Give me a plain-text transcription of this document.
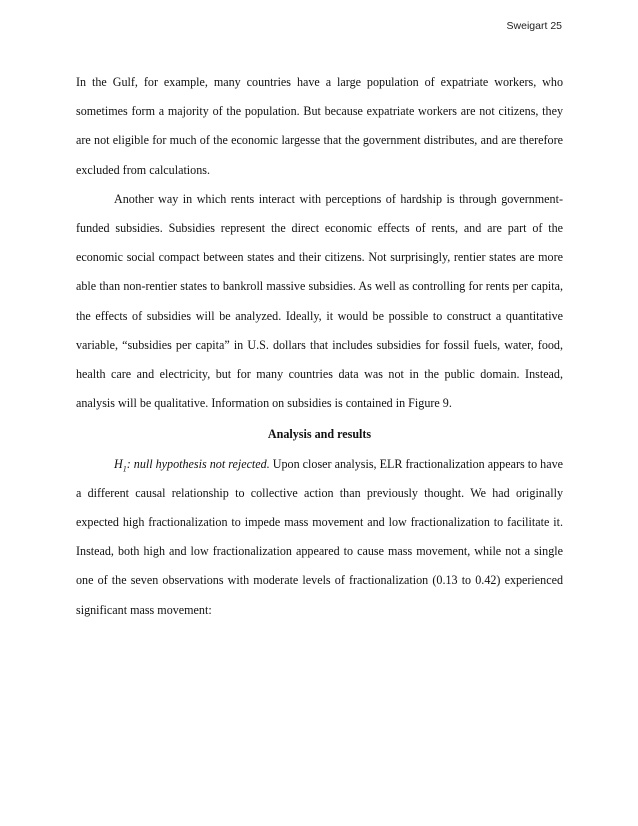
Sweigart 25

In the Gulf, for example, many countries have a large population of expatriate workers, who sometimes form a majority of the population. But because expatriate workers are not citizens, they are not eligible for much of the economic largesse that the government distributes, and are therefore excluded from calculations.

Another way in which rents interact with perceptions of hardship is through government-funded subsidies. Subsidies represent the direct economic effects of rents, and are part of the economic social compact between states and their citizens. Not surprisingly, rentier states are more able than non-rentier states to bankroll massive subsidies. As well as controlling for rents per capita, the effects of subsidies will be analyzed. Ideally, it would be possible to construct a quantitative variable, “subsidies per capita” in U.S. dollars that includes subsidies for fossil fuels, water, food, health care and electricity, but for many countries data was not in the public domain. Instead, analysis will be qualitative. Information on subsidies is contained in Figure 9.

Analysis and results

$H_1$: null hypothesis not rejected. Upon closer analysis, ELR fractionalization appears to have a different causal relationship to collective action than previously thought. We had originally expected high fractionalization to impede mass movement and low fractionalization to facilitate it. Instead, both high and low fractionalization appeared to cause mass movement, while not a single one of the seven observations with moderate levels of fractionalization (0.13 to 0.42) experienced significant mass movement:
